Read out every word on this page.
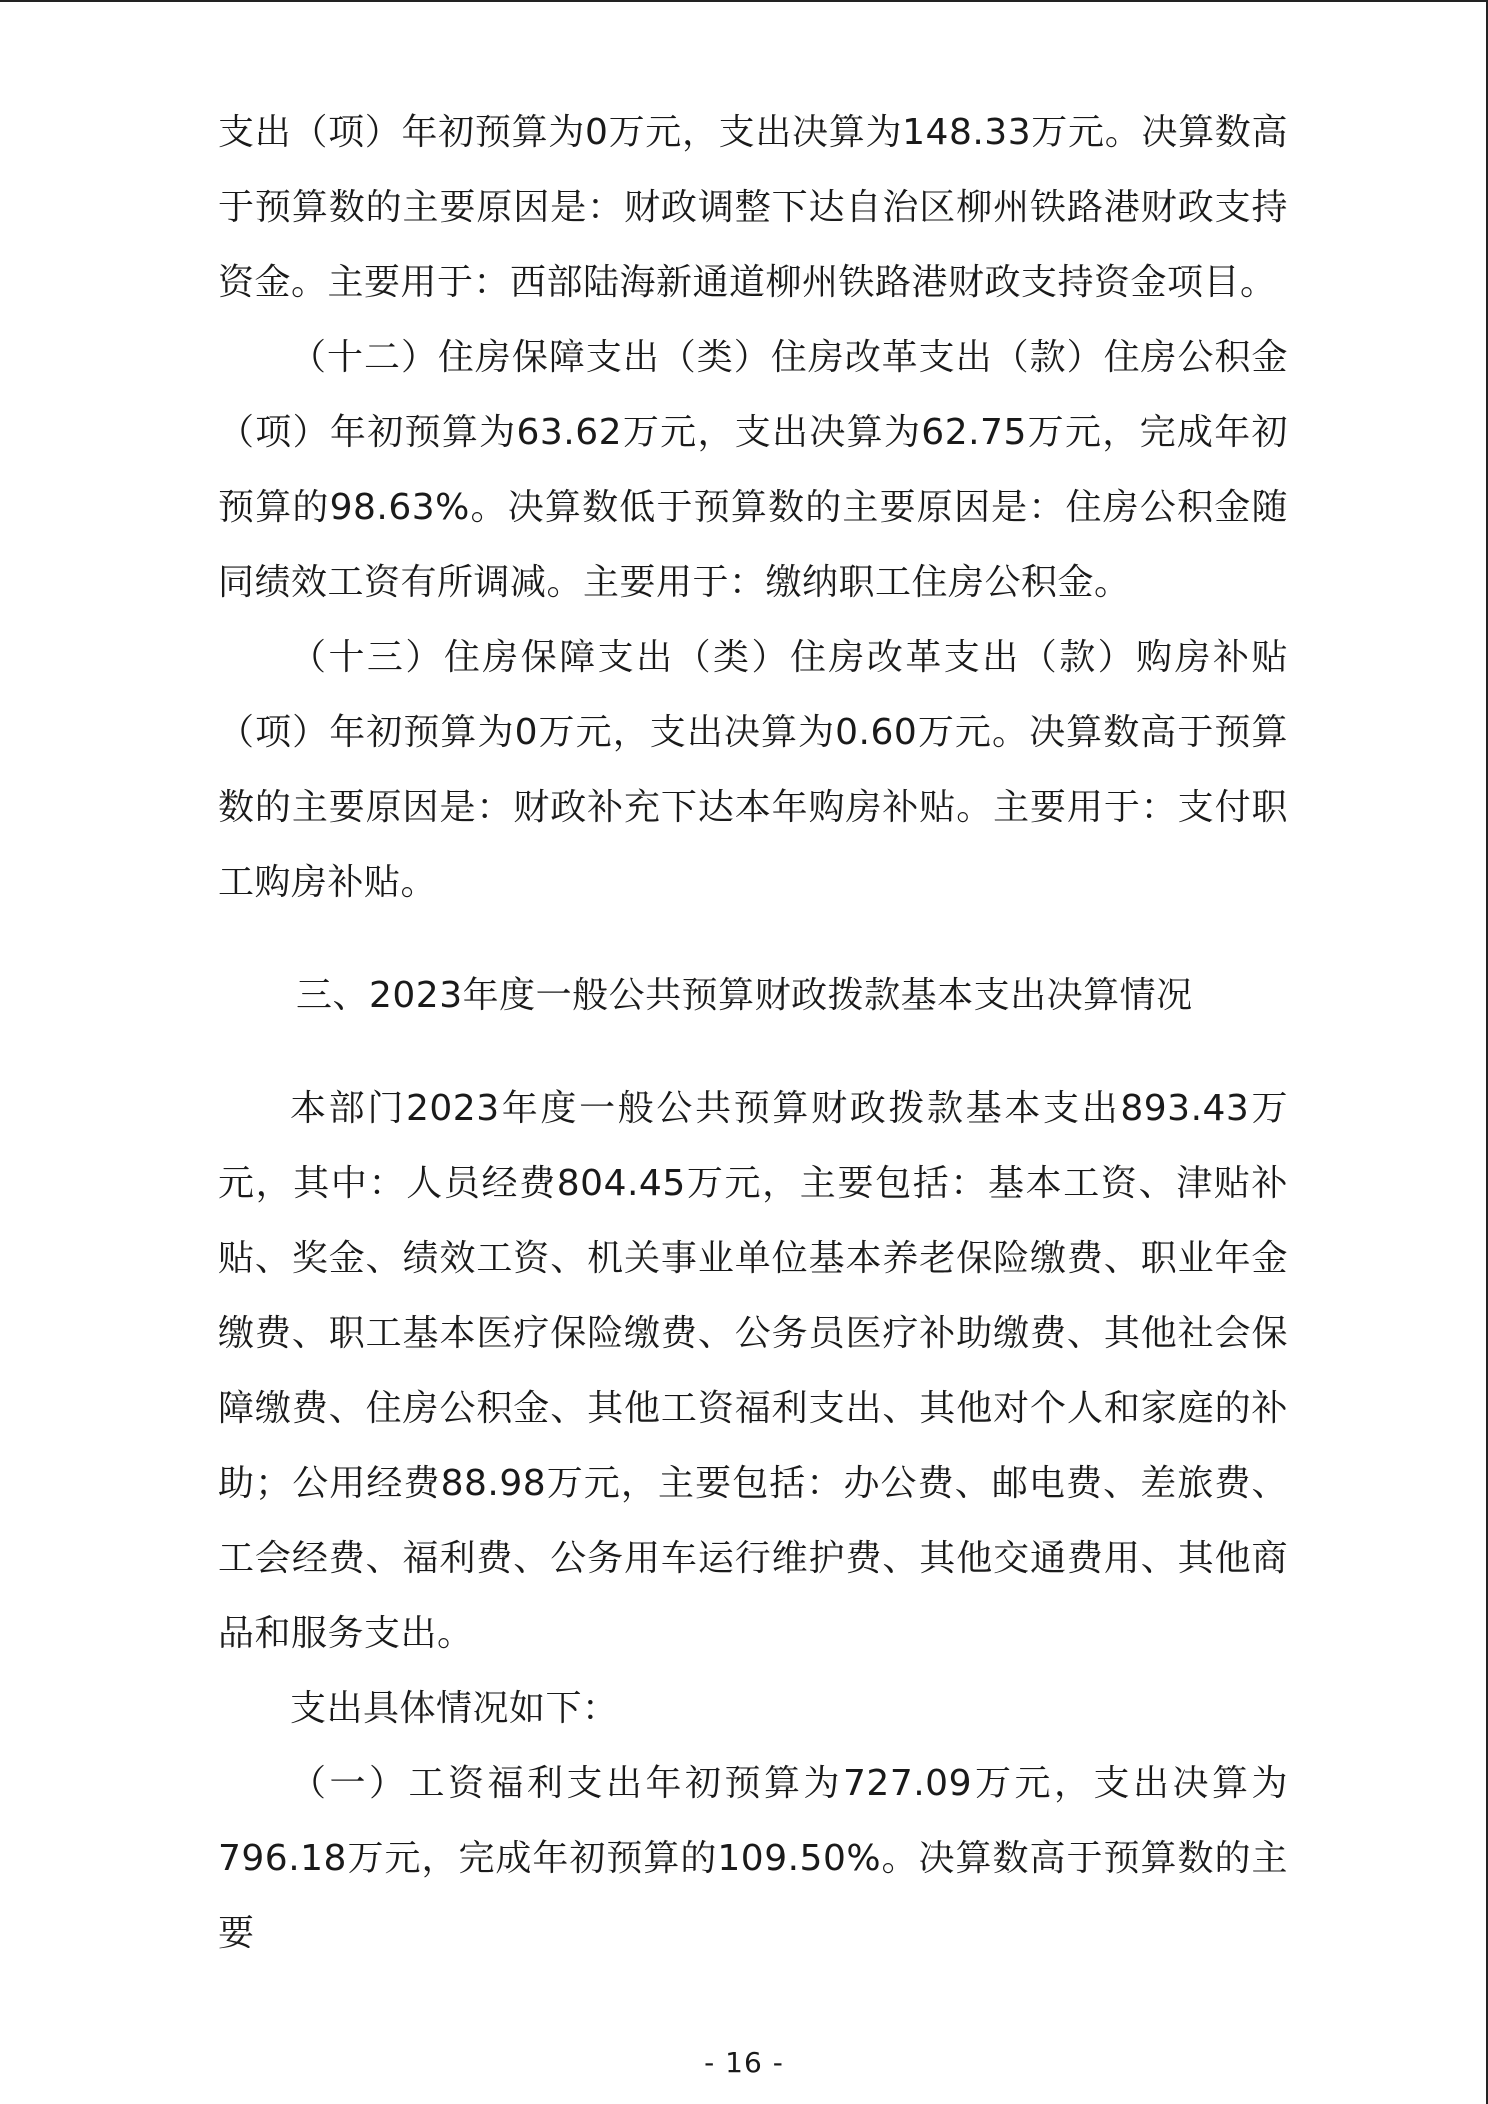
支出（项）年初预算为0万元，支出决算为148.33万元。决算数高于预算数的主要原因是：财政调整下达自治区柳州铁路港财政支持资金。主要用于：西部陆海新通道柳州铁路港财政支持资金项目。

（十二）住房保障支出（类）住房改革支出（款）住房公积金（项）年初预算为63.62万元，支出决算为62.75万元，完成年初预算的98.63%。决算数低于预算数的主要原因是：住房公积金随同绩效工资有所调减。主要用于：缴纳职工住房公积金。

（十三）住房保障支出（类）住房改革支出（款）购房补贴（项）年初预算为0万元，支出决算为0.60万元。决算数高于预算数的主要原因是：财政补充下达本年购房补贴。主要用于：支付职工购房补贴。

三、2023年度一般公共预算财政拨款基本支出决算情况

本部门2023年度一般公共预算财政拨款基本支出893.43万元，其中：人员经费804.45万元，主要包括：基本工资、津贴补贴、奖金、绩效工资、机关事业单位基本养老保险缴费、职业年金缴费、职工基本医疗保险缴费、公务员医疗补助缴费、其他社会保障缴费、住房公积金、其他工资福利支出、其他对个人和家庭的补助；公用经费88.98万元，主要包括：办公费、邮电费、差旅费、工会经费、福利费、公务用车运行维护费、其他交通费用、其他商品和服务支出。

支出具体情况如下：

（一）工资福利支出年初预算为727.09万元，支出决算为796.18万元，完成年初预算的109.50%。决算数高于预算数的主要

- 16 -
